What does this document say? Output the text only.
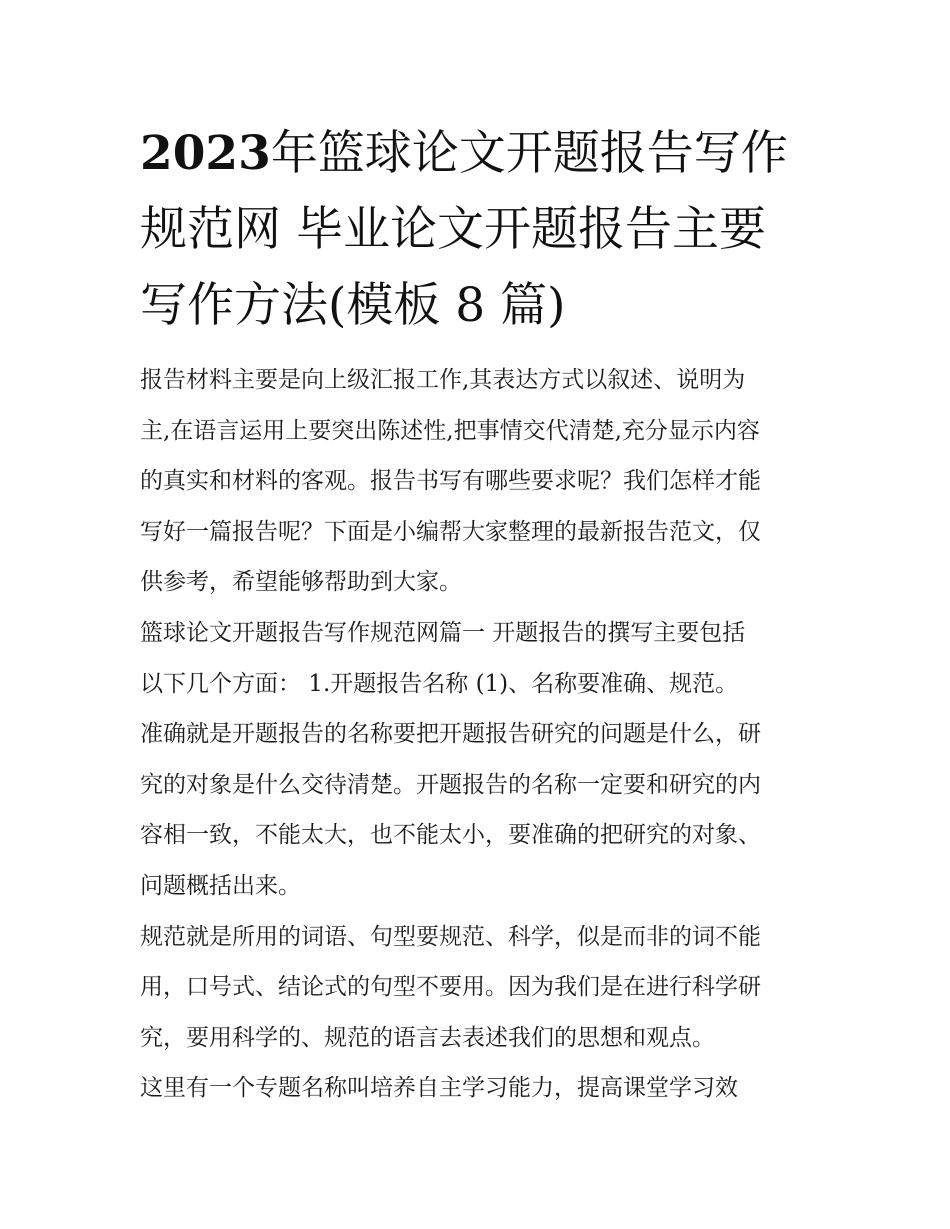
2023年篮球论文开题报告写作
规范网 毕业论文开题报告主要
写作方法(模板 8 篇)
报告材料主要是向上级汇报工作,其表达方式以叙述、说明为
主,在语言运用上要突出陈述性,把事情交代清楚,充分显示内容
的真实和材料的客观。报告书写有哪些要求呢？我们怎样才能
写好一篇报告呢？下面是小编帮大家整理的最新报告范文，仅
供参考，希望能够帮助到大家。
篮球论文开题报告写作规范网篇一 开题报告的撰写主要包括
以下几个方面： 1.开题报告名称 (1)、名称要准确、规范。
准确就是开题报告的名称要把开题报告研究的问题是什么，研
究的对象是什么交待清楚。开题报告的名称一定要和研究的内
容相一致，不能太大，也不能太小，要准确的把研究的对象、
问题概括出来。
规范就是所用的词语、句型要规范、科学，似是而非的词不能
用，口号式、结论式的句型不要用。因为我们是在进行科学研
究，要用科学的、规范的语言去表述我们的思想和观点。
这里有一个专题名称叫培养自主学习能力，提高课堂学习效
